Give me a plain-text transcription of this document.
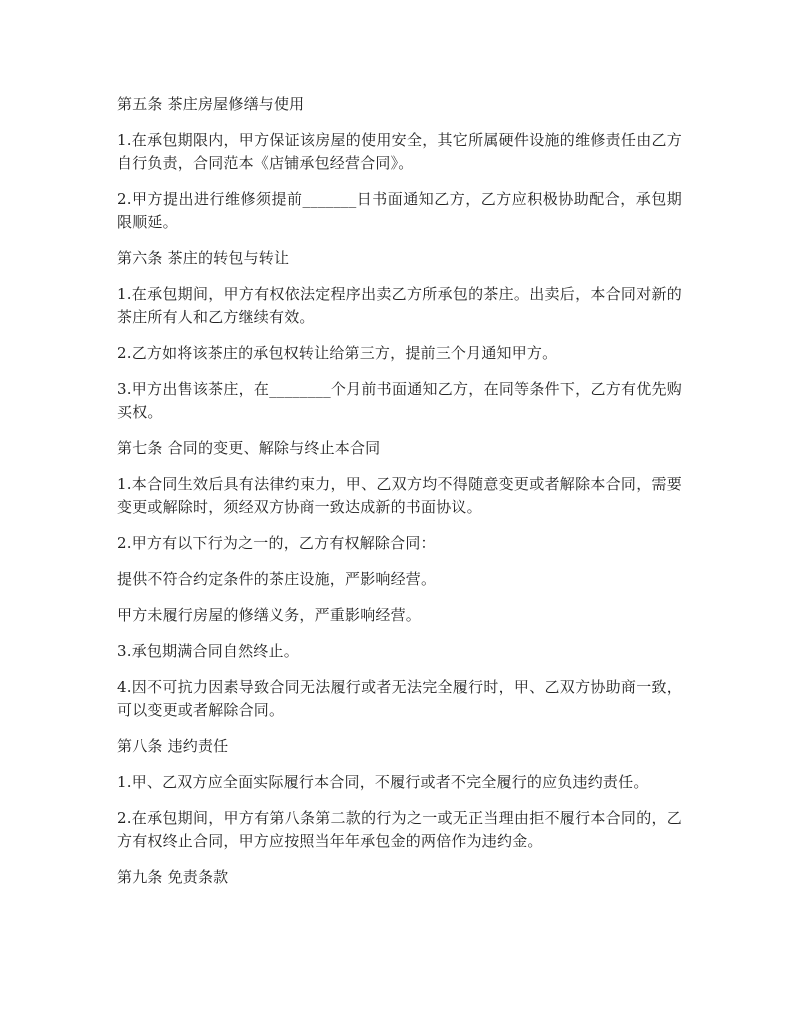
第五条 茶庄房屋修缮与使用

1.在承包期限内，甲方保证该房屋的使用安全，其它所属硬件设施的维修责任由乙方自行负责，合同范本《店铺承包经营合同》。

2.甲方提出进行维修须提前_______日书面通知乙方，乙方应积极协助配合，承包期限顺延。

第六条 茶庄的转包与转让

1.在承包期间，甲方有权依法定程序出卖乙方所承包的茶庄。出卖后，本合同对新的茶庄所有人和乙方继续有效。

2.乙方如将该茶庄的承包权转让给第三方，提前三个月通知甲方。

3.甲方出售该茶庄，在________个月前书面通知乙方，在同等条件下，乙方有优先购买权。

第七条 合同的变更、解除与终止本合同

1.本合同生效后具有法律约束力，甲、乙双方均不得随意变更或者解除本合同，需要变更或解除时，须经双方协商一致达成新的书面协议。

2.甲方有以下行为之一的，乙方有权解除合同：

提供不符合约定条件的茶庄设施，严影响经营。

甲方未履行房屋的修缮义务，严重影响经营。

3.承包期满合同自然终止。

4.因不可抗力因素导致合同无法履行或者无法完全履行时，甲、乙双方协助商一致，可以变更或者解除合同。

第八条 违约责任

1.甲、乙双方应全面实际履行本合同，不履行或者不完全履行的应负违约责任。

2.在承包期间，甲方有第八条第二款的行为之一或无正当理由拒不履行本合同的，乙方有权终止合同，甲方应按照当年年承包金的两倍作为违约金。

第九条 免责条款
